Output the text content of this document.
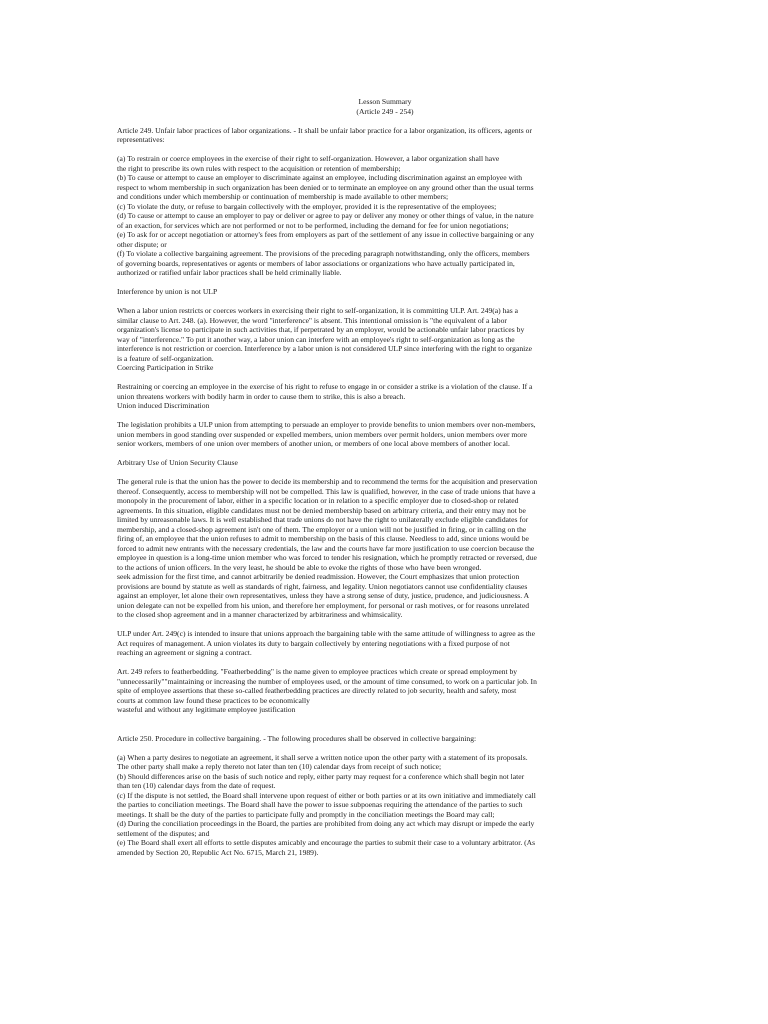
Lesson Summary
(Article 249 - 254)

Article 249. Unfair labor practices of labor organizations. - It shall be unfair labor practice for a labor organization, its officers, agents or
representatives:

(a) To restrain or coerce employees in the exercise of their right to self-organization. However, a labor organization shall have
the right to prescribe its own rules with respect to the acquisition or retention of membership;
(b) To cause or attempt to cause an employer to discriminate against an employee, including discrimination against an employee with
respect to whom membership in such organization has been denied or to terminate an employee on any ground other than the usual terms
and conditions under which membership or continuation of membership is made available to other members;
(c) To violate the duty, or refuse to bargain collectively with the employer, provided it is the representative of the employees;
(d) To cause or attempt to cause an employer to pay or deliver or agree to pay or deliver any money or other things of value, in the nature
of an exaction, for services which are not performed or not to be performed, including the demand for fee for union negotiations;
(e) To ask for or accept negotiation or attorney's fees from employers as part of the settlement of any issue in collective bargaining or any
other dispute; or
(f) To violate a collective bargaining agreement. The provisions of the preceding paragraph notwithstanding, only the officers, members
of governing boards, representatives or agents or members of labor associations or organizations who have actually participated in,
authorized or ratified unfair labor practices shall be held criminally liable.

Interference by union is not ULP

When a labor union restricts or coerces workers in exercising their right to self-organization, it is committing ULP. Art. 249(a) has a
similar clause to Art. 248. (a). However, the word "interference" is absent. This intentional omission is "the equivalent of a labor
organization's license to participate in such activities that, if perpetrated by an employer, would be actionable unfair labor practices by
way of "interference." To put it another way, a labor union can interfere with an employee's right to self-organization as long as the
interference is not restriction or coercion. Interference by a labor union is not considered ULP since interfering with the right to organize
is a feature of self-organization.
Coercing Participation in Strike

Restraining or coercing an employee in the exercise of his right to refuse to engage in or consider a strike is a violation of the clause. If a
union threatens workers with bodily harm in order to cause them to strike, this is also a breach.
Union induced Discrimination

The legislation prohibits a ULP union from attempting to persuade an employer to provide benefits to union members over non-members,
union members in good standing over suspended or expelled members, union members over permit holders, union members over more
senior workers, members of one union over members of another union, or members of one local above members of another local.

Arbitrary Use of Union Security Clause

The general rule is that the union has the power to decide its membership and to recommend the terms for the acquisition and preservation
thereof. Consequently, access to membership will not be compelled. This law is qualified, however, in the case of trade unions that have a
monopoly in the procurement of labor, either in a specific location or in relation to a specific employer due to closed-shop or related
agreements. In this situation, eligible candidates must not be denied membership based on arbitrary criteria, and their entry may not be
limited by unreasonable laws. It is well established that trade unions do not have the right to unilaterally exclude eligible candidates for
membership, and a closed-shop agreement isn't one of them. The employer or a union will not be justified in firing, or in calling on the
firing of, an employee that the union refuses to admit to membership on the basis of this clause. Needless to add, since unions would be
forced to admit new entrants with the necessary credentials, the law and the courts have far more justification to use coercion because the
employee in question is a long-time union member who was forced to tender his resignation, which he promptly retracted or reversed, due
to the actions of union officers. In the very least, he should be able to evoke the rights of those who have been wronged.
seek admission for the first time, and cannot arbitrarily be denied readmission. However, the Court emphasizes that union protection
provisions are bound by statute as well as standards of right, fairness, and legality. Union negotiators cannot use confidentiality clauses
against an employer, let alone their own representatives, unless they have a strong sense of duty, justice, prudence, and judiciousness. A
union delegate can not be expelled from his union, and therefore her employment, for personal or rash motives, or for reasons unrelated
to the closed shop agreement and in a manner characterized by arbitrariness and whimsicality.

ULP under Art. 249(c) is intended to insure that unions approach the bargaining table with the same attitude of willingness to agree as the
Act requires of management. A union violates its duty to bargain collectively by entering negotiations with a fixed purpose of not
reaching an agreement or signing a contract.

Art. 249 refers to featherbedding. "Featherbedding" is the name given to employee practices which create or spread employment by
"unnecessarily""maintaining or increasing the number of employees used, or the amount of time consumed, to work on a particular job. In
spite of employee assertions that these so-called featherbedding practices are directly related to job security, health and safety, most
courts at common law found these practices to be economically
wasteful and without any legitimate employee justification

Article 250. Procedure in collective bargaining. - The following procedures shall be observed in collective bargaining:

(a) When a party desires to negotiate an agreement, it shall serve a written notice upon the other party with a statement of its proposals.
The other party shall make a reply thereto not later than ten (10) calendar days from receipt of such notice;
(b) Should differences arise on the basis of such notice and reply, either party may request for a conference which shall begin not later
than ten (10) calendar days from the date of request.
(c) If the dispute is not settled, the Board shall intervene upon request of either or both parties or at its own initiative and immediately call
the parties to conciliation meetings. The Board shall have the power to issue subpoenas requiring the attendance of the parties to such
meetings. It shall be the duty of the parties to participate fully and promptly in the conciliation meetings the Board may call;
(d) During the conciliation proceedings in the Board, the parties are prohibited from doing any act which may disrupt or impede the early
settlement of the disputes; and
(e) The Board shall exert all efforts to settle disputes amicably and encourage the parties to submit their case to a voluntary arbitrator. (As
amended by Section 20, Republic Act No. 6715, March 21, 1989).
